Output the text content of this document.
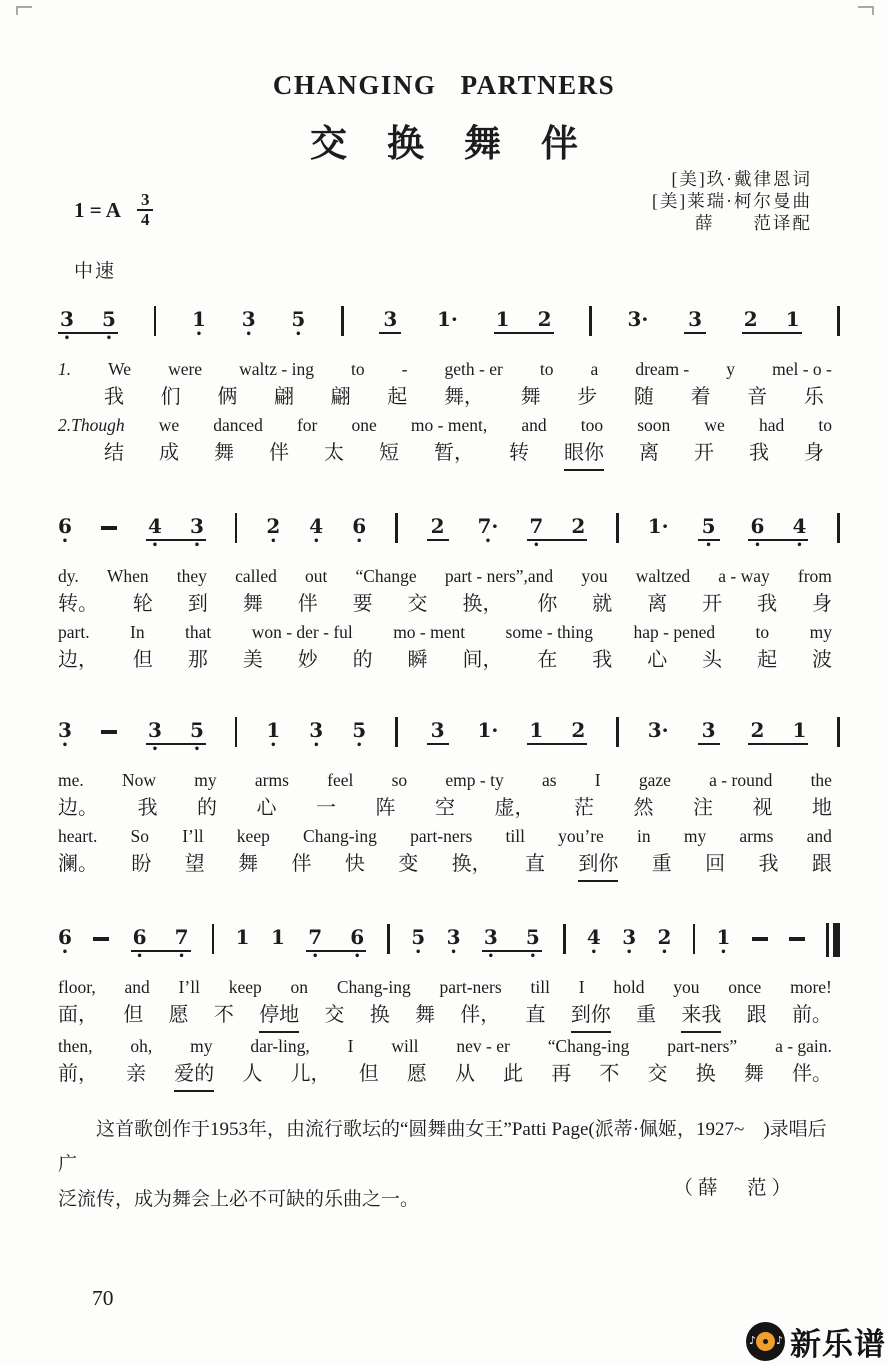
CHANGING PARTNERS
交换舞伴
[美]玖·戴律恩词
[美]莱瑞·柯尔曼曲
薛　　范译配
1 = A $\frac{3}{4}$
中速
3 5
•	•
1
•
3
•
5
•
3 1· 1 2	3· 3 2 1
1. We were waltz - ing to - geth - er to a dream - y mel - o -
我 们 俩 翩 翩 起 舞， 舞 步 随 着 音 乐
2.Though we danced for one mo - ment, and too soon we had to
结 成 舞 伴 太 短 暂， 转 眼你 离 开 我 身
6
•
4 3
•	•
2
•
4
•
6
•
2 7·
•
7 2
•
1· 5
•
6 4
•	•
dy. When they called out “Change part - ners”,and you waltzed a - way from
转。 轮 到 舞 伴 要 交 换， 你 就 离 开 我 身
part. In that won - der - ful mo - ment some - thing hap - pened to my
边， 但 那 美 妙 的 瞬 间， 在 我 心 头 起 波
3
•
3 5
•	•
1
•
3
•
5
•
3 1· 1 2	3· 3 2 1
me. Now my arms feel so emp - ty as I gaze a - round the
边。 我 的 心 一 阵 空 虚， 茫 然 注 视 地
heart. So I’ll keep Chang-ing part-ners till you’re in my arms and
澜。 盼 望 舞 伴 快 变 换， 直 到你 重 回 我 跟
6
•
6 7
•	•
1 1 7 6
•	•
5
•
3
•
3 5
•	•
4
•
3
•
2
•
1
•
floor, and I’ll keep on Chang-ing part-ners till I hold you once more!
面， 但 愿 不 停地 交 换 舞 伴， 直 到你 重 来我 跟 前。
then, oh, my dar-ling, I will nev - er “Chang-ing part-ners” a - gain.
前， 亲 爱的 人 儿， 但 愿 从 此 再 不 交 换 舞 伴。
这首歌创作于1953年，由流行歌坛的“圆舞曲女王”Patti Page(派蒂·佩姬，1927~　)录唱后广
泛流传，成为舞会上必不可缺的乐曲之一。
（薛　范）
70
♪ ♪ 新乐谱
